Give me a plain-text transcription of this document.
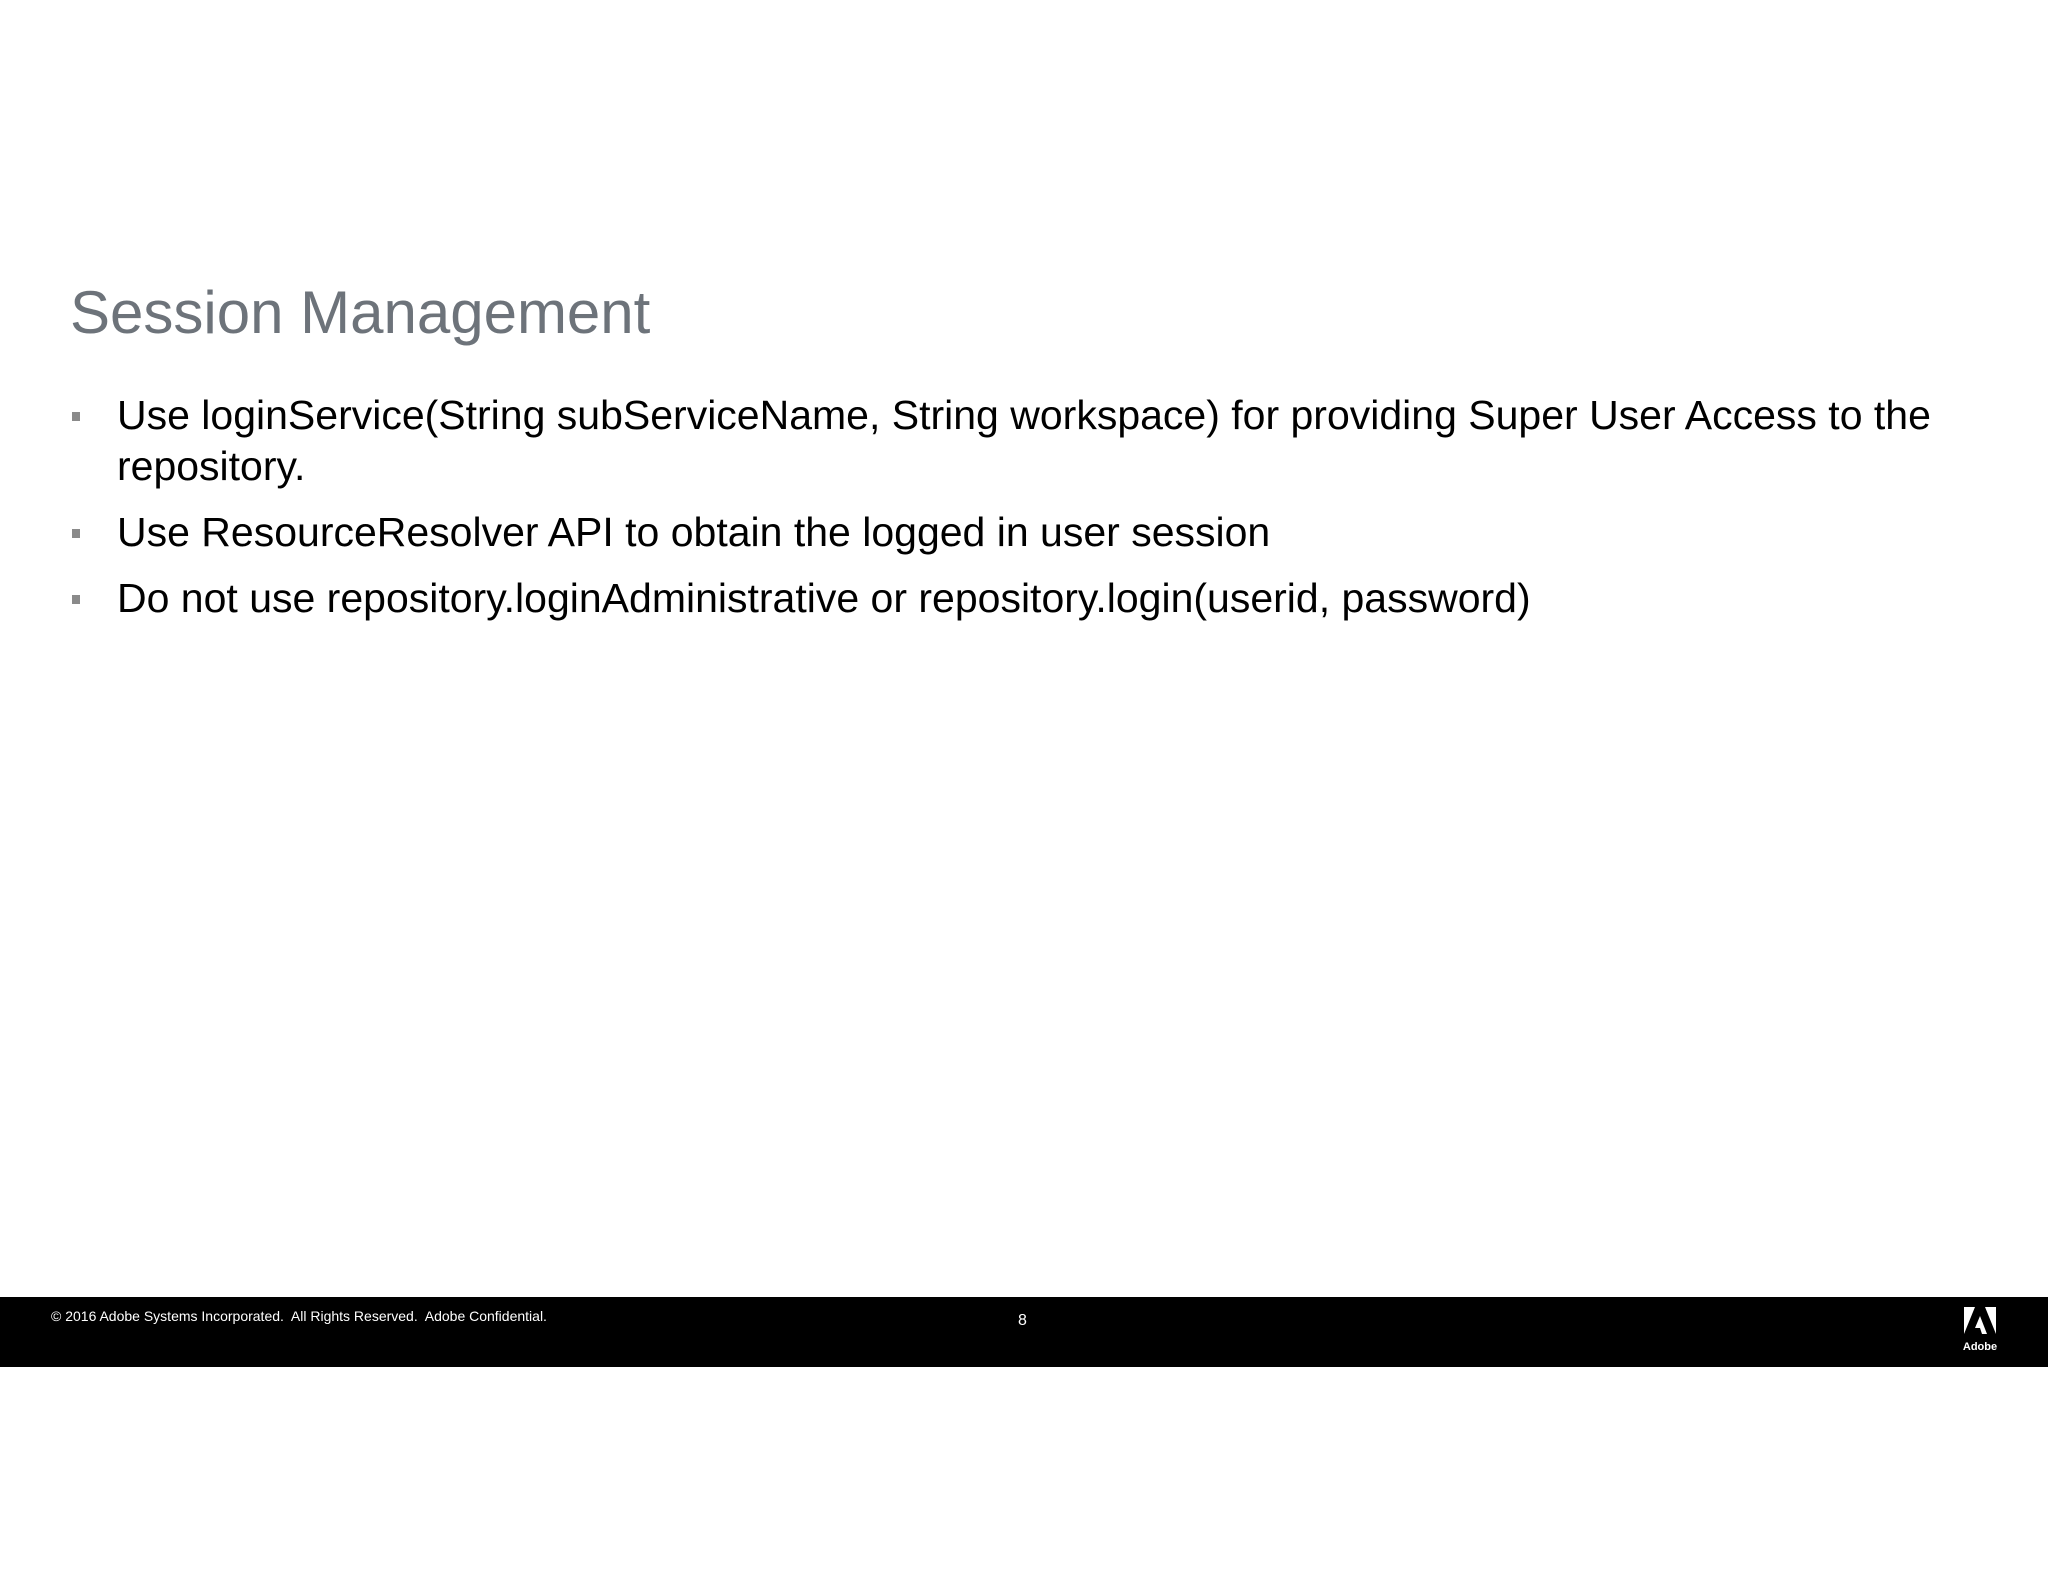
Session Management
Use loginService(String subServiceName, String workspace) for providing Super User Access to the repository.
Use ResourceResolver API to obtain the logged in user session
Do not use repository.loginAdministrative or repository.login(userid, password)
© 2016 Adobe Systems Incorporated.  All Rights Reserved.  Adobe Confidential.	8
Adobe
